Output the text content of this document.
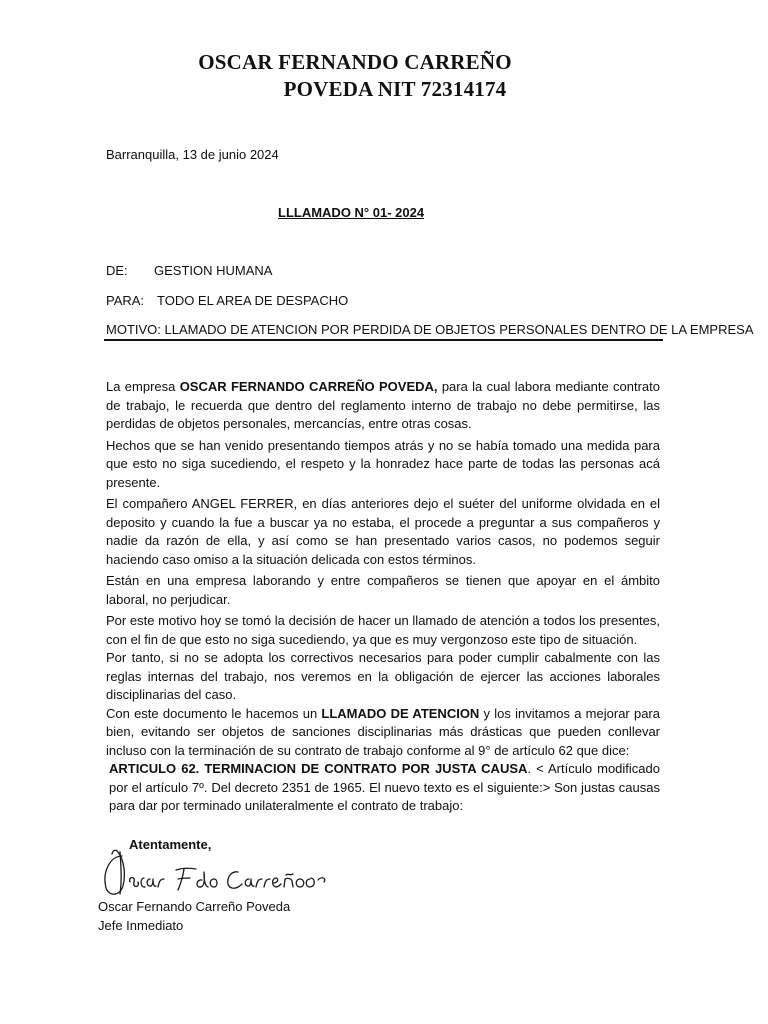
OSCAR FERNANDO CARREÑO
POVEDA NIT 72314174
Barranquilla, 13 de junio 2024
LLLAMADO N° 01- 2024
DE: GESTION HUMANA
PARA: TODO EL AREA DE DESPACHO
MOTIVO: LLAMADO DE ATENCION POR PERDIDA DE OBJETOS PERSONALES DENTRO DE LA EMPRESA

La empresa OSCAR FERNANDO CARREÑO POVEDA, para la cual labora mediante contrato de trabajo, le recuerda que dentro del reglamento interno de trabajo no debe permitirse, las perdidas de objetos personales, mercancías, entre otras cosas.

Hechos que se han venido presentando tiempos atrás y no se había tomado una medida para que esto no siga sucediendo, el respeto y la honradez hace parte de todas las personas acá presente.

El compañero ANGEL FERRER, en días anteriores dejo el suéter del uniforme olvidada en el deposito y cuando la fue a buscar ya no estaba, el procede a preguntar a sus compañeros y nadie da razón de ella, y así como se han presentado varios casos, no podemos seguir haciendo caso omiso a la situación delicada con estos términos.

Están en una empresa laborando y entre compañeros se tienen que apoyar en el ámbito laboral, no perjudicar.

Por este motivo hoy se tomó la decisión de hacer un llamado de atención a todos los presentes, con el fin de que esto no siga sucediendo, ya que es muy vergonzoso este tipo de situación.

Por tanto, si no se adopta los correctivos necesarios para poder cumplir cabalmente con las reglas internas del trabajo, nos veremos en la obligación de ejercer las acciones laborales disciplinarias del caso.

Con este documento le hacemos un LLAMADO DE ATENCION y los invitamos a mejorar para bien, evitando ser objetos de sanciones disciplinarias más drásticas que pueden conllevar incluso con la terminación de su contrato de trabajo conforme al 9° de artículo 62 que dice:

ARTICULO 62. TERMINACION DE CONTRATO POR JUSTA CAUSA. < Artículo modificado por el artículo 7º. Del decreto 2351 de 1965. El nuevo texto es el siguiente:> Son justas causas para dar por terminado unilateralmente el contrato de trabajo:

Atentamente,
Oscar Fernando Carreño Poveda
Jefe Inmediato
